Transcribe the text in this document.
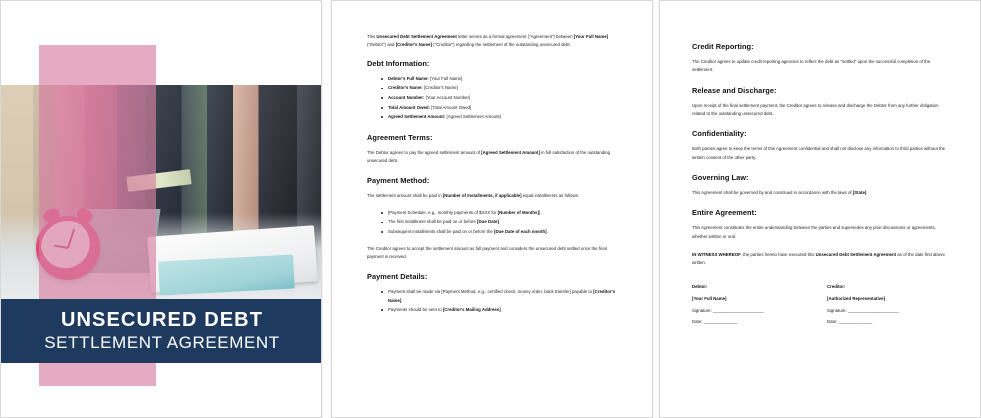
UNSECURED DEBT
SETTLEMENT AGREEMENT

This Unsecured Debt Settlement Agreement letter serves as a formal agreement ("Agreement") between [Your Full Name] ("Debtor") and [Creditor's Name] ("Creditor") regarding the settlement of the outstanding unsecured debt.

Debt Information:
Debtor's Full Name: [Your Full Name]
Creditor's Name: [Creditor's Name]
Account Number: [Your Account Number]
Total Amount Owed: [Total Amount Owed]
Agreed Settlement Amount: [Agreed Settlement Amount]
Agreement Terms:

The Debtor agrees to pay the agreed settlement amount of [Agreed Settlement Amount] in full satisfaction of the outstanding unsecured debt.

Payment Method:

The settlement amount shall be paid in [Number of Installments, if applicable] equal installments as follows:

[Payment Schedule, e.g., monthly payments of $XXX for [Number of Months]].
The first installment shall be paid on or before [Due Date].
Subsequent installments shall be paid on or before the [Due Date of each month].

The Creditor agrees to accept the settlement amount as full payment and considers the unsecured debt settled once the final payment is received.

Payment Details:
Payment shall be made via [Payment Method, e.g., certified check, money order, bank transfer] payable to [Creditor's Name].
Payments should be sent to [Creditor's Mailing Address].
Credit Reporting:

The Creditor agrees to update credit reporting agencies to reflect the debt as "settled" upon the successful completion of the settlement.

Release and Discharge:

Upon receipt of the final settlement payment, the Creditor agrees to release and discharge the Debtor from any further obligation related to the outstanding unsecured debt.

Confidentiality:

Both parties agree to keep the terms of this Agreement confidential and shall not disclose any information to third parties without the written consent of the other party.

Governing Law:

This Agreement shall be governed by and construed in accordance with the laws of [State].

Entire Agreement:

This Agreement constitutes the entire understanding between the parties and supersedes any prior discussions or agreements, whether written or oral.

IN WITNESS WHEREOF, the parties hereto have executed this Unsecured Debt Settlement Agreement as of the date first above written.

Debtor:
[Your Full Name]
Signature: _____________________
Date: ______________
Creditor:
[Authorized Representative]
Signature: _____________________
Date: ______________
